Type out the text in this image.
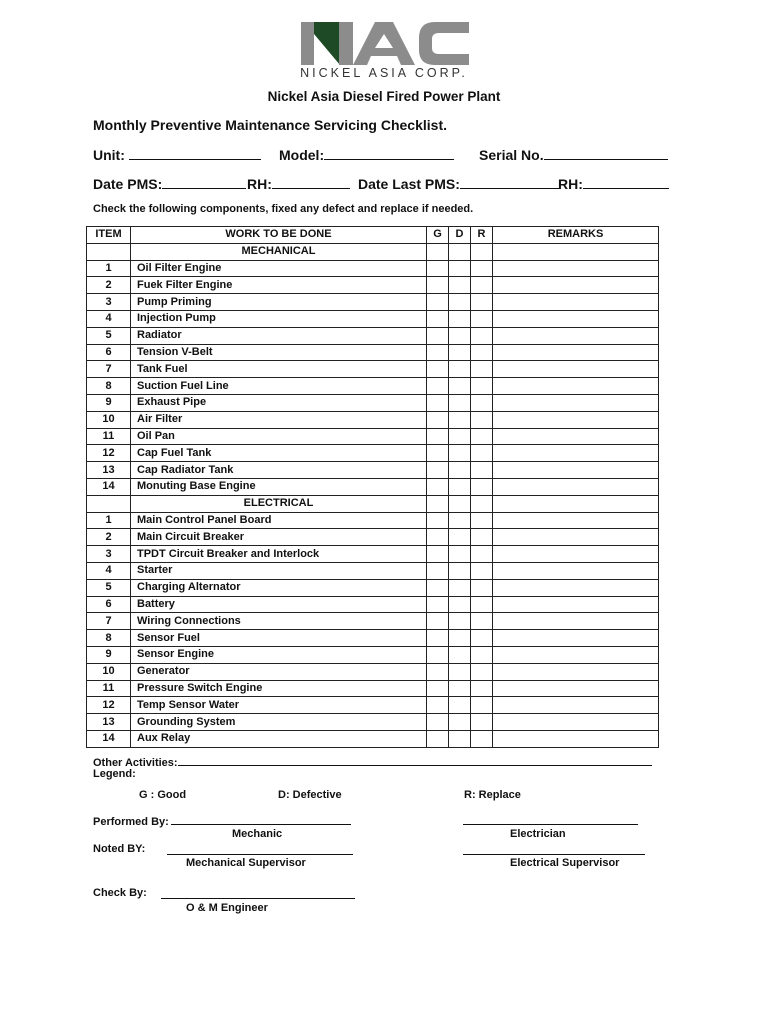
NICKEL ASIA CORP.
Nickel Asia Diesel Fired Power Plant
Monthly Preventive Maintenance Servicing Checklist.
Unit:	Model:	Serial No.
Date PMS:	RH:	Date Last PMS:	RH:
Check the following components, fixed any defect and replace if needed.
ITEM	WORK TO BE DONE	G	D	R	REMARKS
	MECHANICAL				
1	Oil Filter Engine				
2	Fuek Filter Engine				
3	Pump Priming				
4	Injection Pump				
5	Radiator				
6	Tension V-Belt				
7	Tank Fuel				
8	Suction Fuel Line				
9	Exhaust Pipe				
10	Air Filter				
11	Oil Pan				
12	Cap Fuel Tank				
13	Cap Radiator Tank				
14	Monuting Base Engine				
	ELECTRICAL				
1	Main Control Panel Board				
2	Main Circuit Breaker				
3	TPDT Circuit Breaker and Interlock				
4	Starter				
5	Charging Alternator				
6	Battery				
7	Wiring Connections				
8	Sensor Fuel				
9	Sensor Engine				
10	Generator				
11	Pressure Switch Engine				
12	Temp Sensor Water				
13	Grounding System				
14	Aux Relay				
Other Activities:
Legend:
G : Good	D: Defective	R: Replace
Performed By:
Mechanic	Electrician
Noted BY:
Mechanical Supervisor	Electrical Supervisor
Check By:
O & M Engineer
